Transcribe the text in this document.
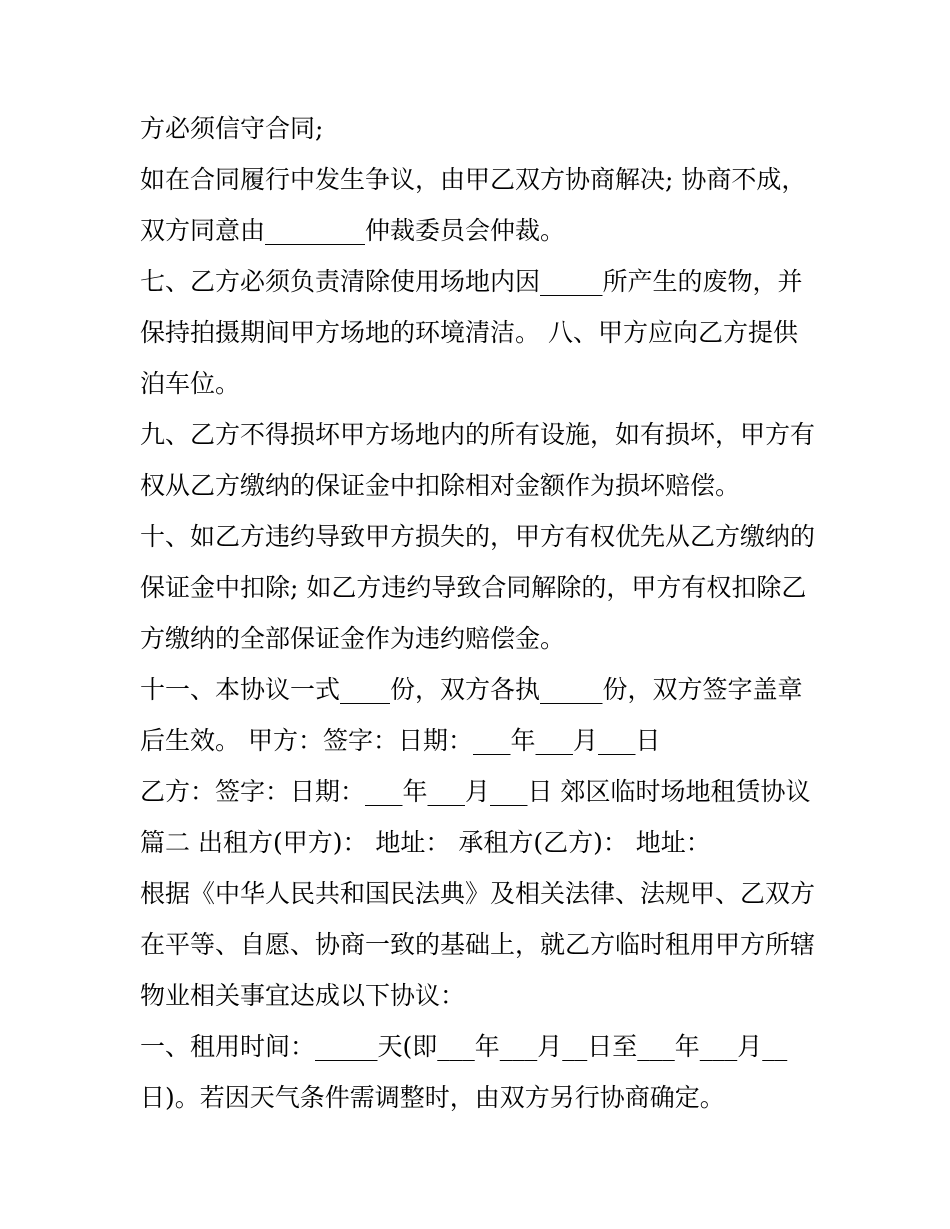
方必须信守合同;
如在合同履行中发生争议，由甲乙双方协商解决; 协商不成，
双方同意由________仲裁委员会仲裁。
七、乙方必须负责清除使用场地内因_____所产生的废物，并
保持拍摄期间甲方场地的环境清洁。 八、甲方应向乙方提供
泊车位。
九、乙方不得损坏甲方场地内的所有设施，如有损坏，甲方有
权从乙方缴纳的保证金中扣除相对金额作为损坏赔偿。
十、如乙方违约导致甲方损失的，甲方有权优先从乙方缴纳的
保证金中扣除; 如乙方违约导致合同解除的，甲方有权扣除乙
方缴纳的全部保证金作为违约赔偿金。
十一、本协议一式____份，双方各执_____份，双方签字盖章
后生效。 甲方：签字：日期：___年___月___日
乙方：签字：日期：___年___月___日 郊区临时场地租赁协议
篇二 出租方(甲方)： 地址： 承租方(乙方)： 地址：
根据《中华人民共和国民法典》及相关法律、法规甲、乙双方
在平等、自愿、协商一致的基础上，就乙方临时租用甲方所辖
物业相关事宜达成以下协议：
一、租用时间：_____天(即___年___月__日至___年___月__
日)。若因天气条件需调整时，由双方另行协商确定。
